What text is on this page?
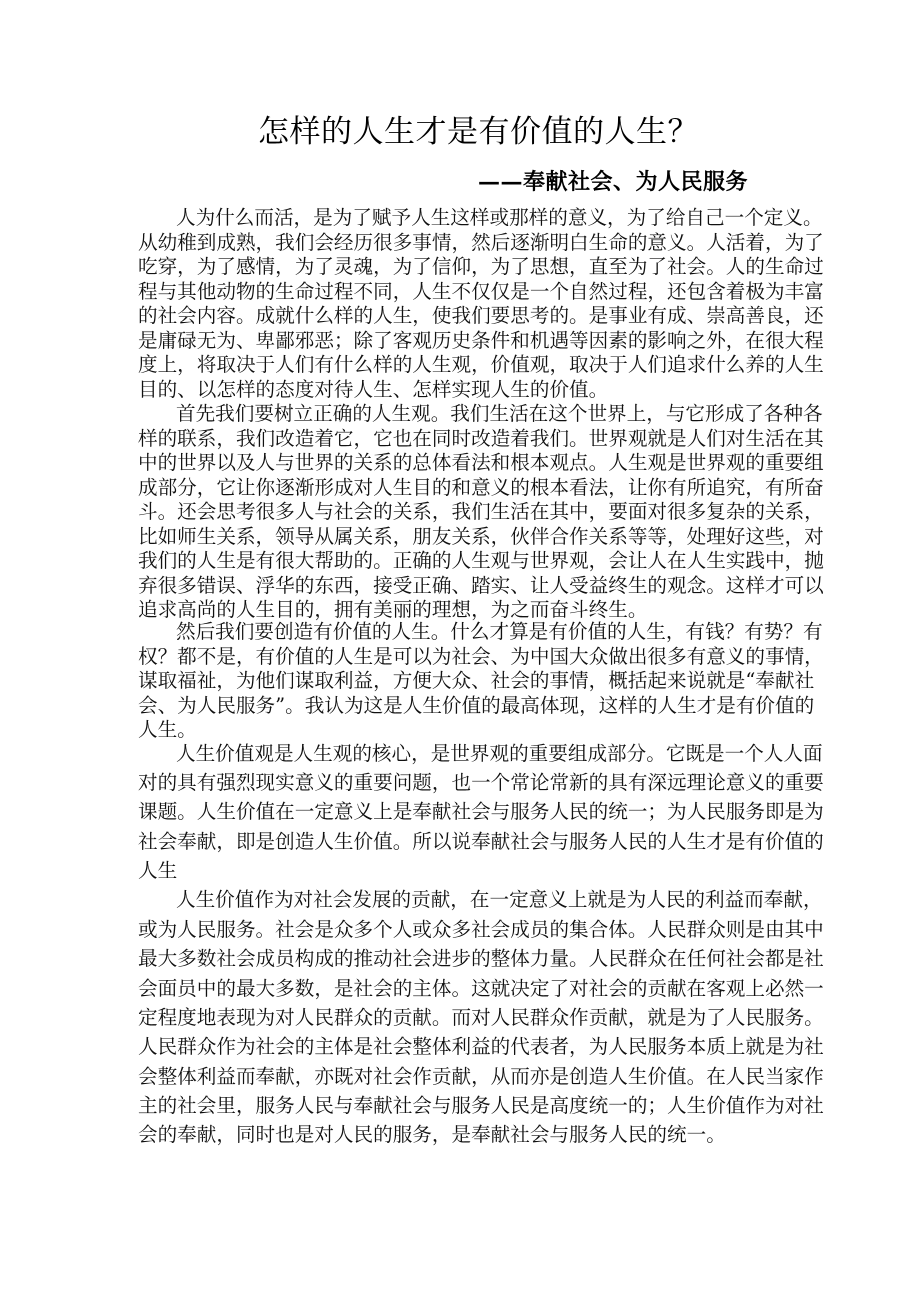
怎样的人生才是有价值的人生？
——奉献社会、为人民服务
人为什么而活，是为了赋予人生这样或那样的意义，为了给自己一个定义。
从幼稚到成熟，我们会经历很多事情，然后逐渐明白生命的意义。人活着，为了
吃穿，为了感情，为了灵魂，为了信仰，为了思想，直至为了社会。人的生命过
程与其他动物的生命过程不同，人生不仅仅是一个自然过程，还包含着极为丰富
的社会内容。成就什么样的人生，使我们要思考的。是事业有成、崇高善良，还
是庸碌无为、卑鄙邪恶；除了客观历史条件和机遇等因素的影响之外，在很大程
度上，将取决于人们有什么样的人生观，价值观，取决于人们追求什么养的人生
目的、以怎样的态度对待人生、怎样实现人生的价值。
首先我们要树立正确的人生观。我们生活在这个世界上，与它形成了各种各
样的联系，我们改造着它，它也在同时改造着我们。世界观就是人们对生活在其
中的世界以及人与世界的关系的总体看法和根本观点。人生观是世界观的重要组
成部分，它让你逐渐形成对人生目的和意义的根本看法，让你有所追究，有所奋
斗。还会思考很多人与社会的关系，我们生活在其中，要面对很多复杂的关系，
比如师生关系，领导从属关系，朋友关系，伙伴合作关系等等，处理好这些，对
我们的人生是有很大帮助的。正确的人生观与世界观，会让人在人生实践中，抛
弃很多错误、浮华的东西，接受正确、踏实、让人受益终生的观念。这样才可以
追求高尚的人生目的，拥有美丽的理想，为之而奋斗终生。
然后我们要创造有价值的人生。什么才算是有价值的人生，有钱？有势？有
权？都不是，有价值的人生是可以为社会、为中国大众做出很多有意义的事情，
谋取福祉，为他们谋取利益，方便大众、社会的事情，概括起来说就是“奉献社
会、为人民服务”。我认为这是人生价值的最高体现，这样的人生才是有价值的
人生。
人生价值观是人生观的核心，是世界观的重要组成部分。它既是一个人人面
对的具有强烈现实意义的重要问题，也一个常论常新的具有深远理论意义的重要
课题。人生价值在一定意义上是奉献社会与服务人民的统一；为人民服务即是为
社会奉献，即是创造人生价值。所以说奉献社会与服务人民的人生才是有价值的
人生
人生价值作为对社会发展的贡献，在一定意义上就是为人民的利益而奉献，
或为人民服务。社会是众多个人或众多社会成员的集合体。人民群众则是由其中
最大多数社会成员构成的推动社会进步的整体力量。人民群众在任何社会都是社
会面员中的最大多数，是社会的主体。这就决定了对社会的贡献在客观上必然一
定程度地表现为对人民群众的贡献。而对人民群众作贡献，就是为了人民服务。
人民群众作为社会的主体是社会整体利益的代表者，为人民服务本质上就是为社
会整体利益而奉献，亦既对社会作贡献，从而亦是创造人生价值。在人民当家作
主的社会里，服务人民与奉献社会与服务人民是高度统一的；人生价值作为对社
会的奉献，同时也是对人民的服务，是奉献社会与服务人民的统一。
